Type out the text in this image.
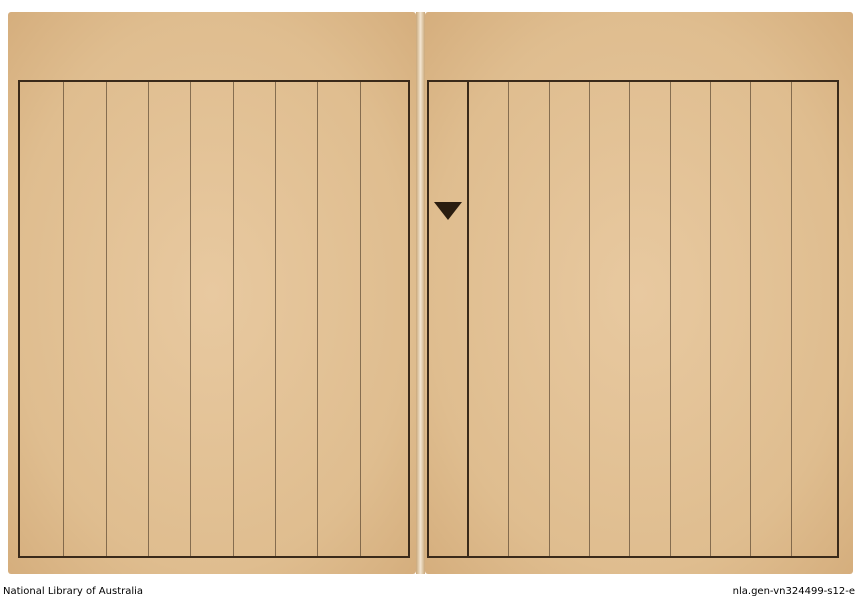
National Library of Australia	nla.gen-vn324499-s12-e
